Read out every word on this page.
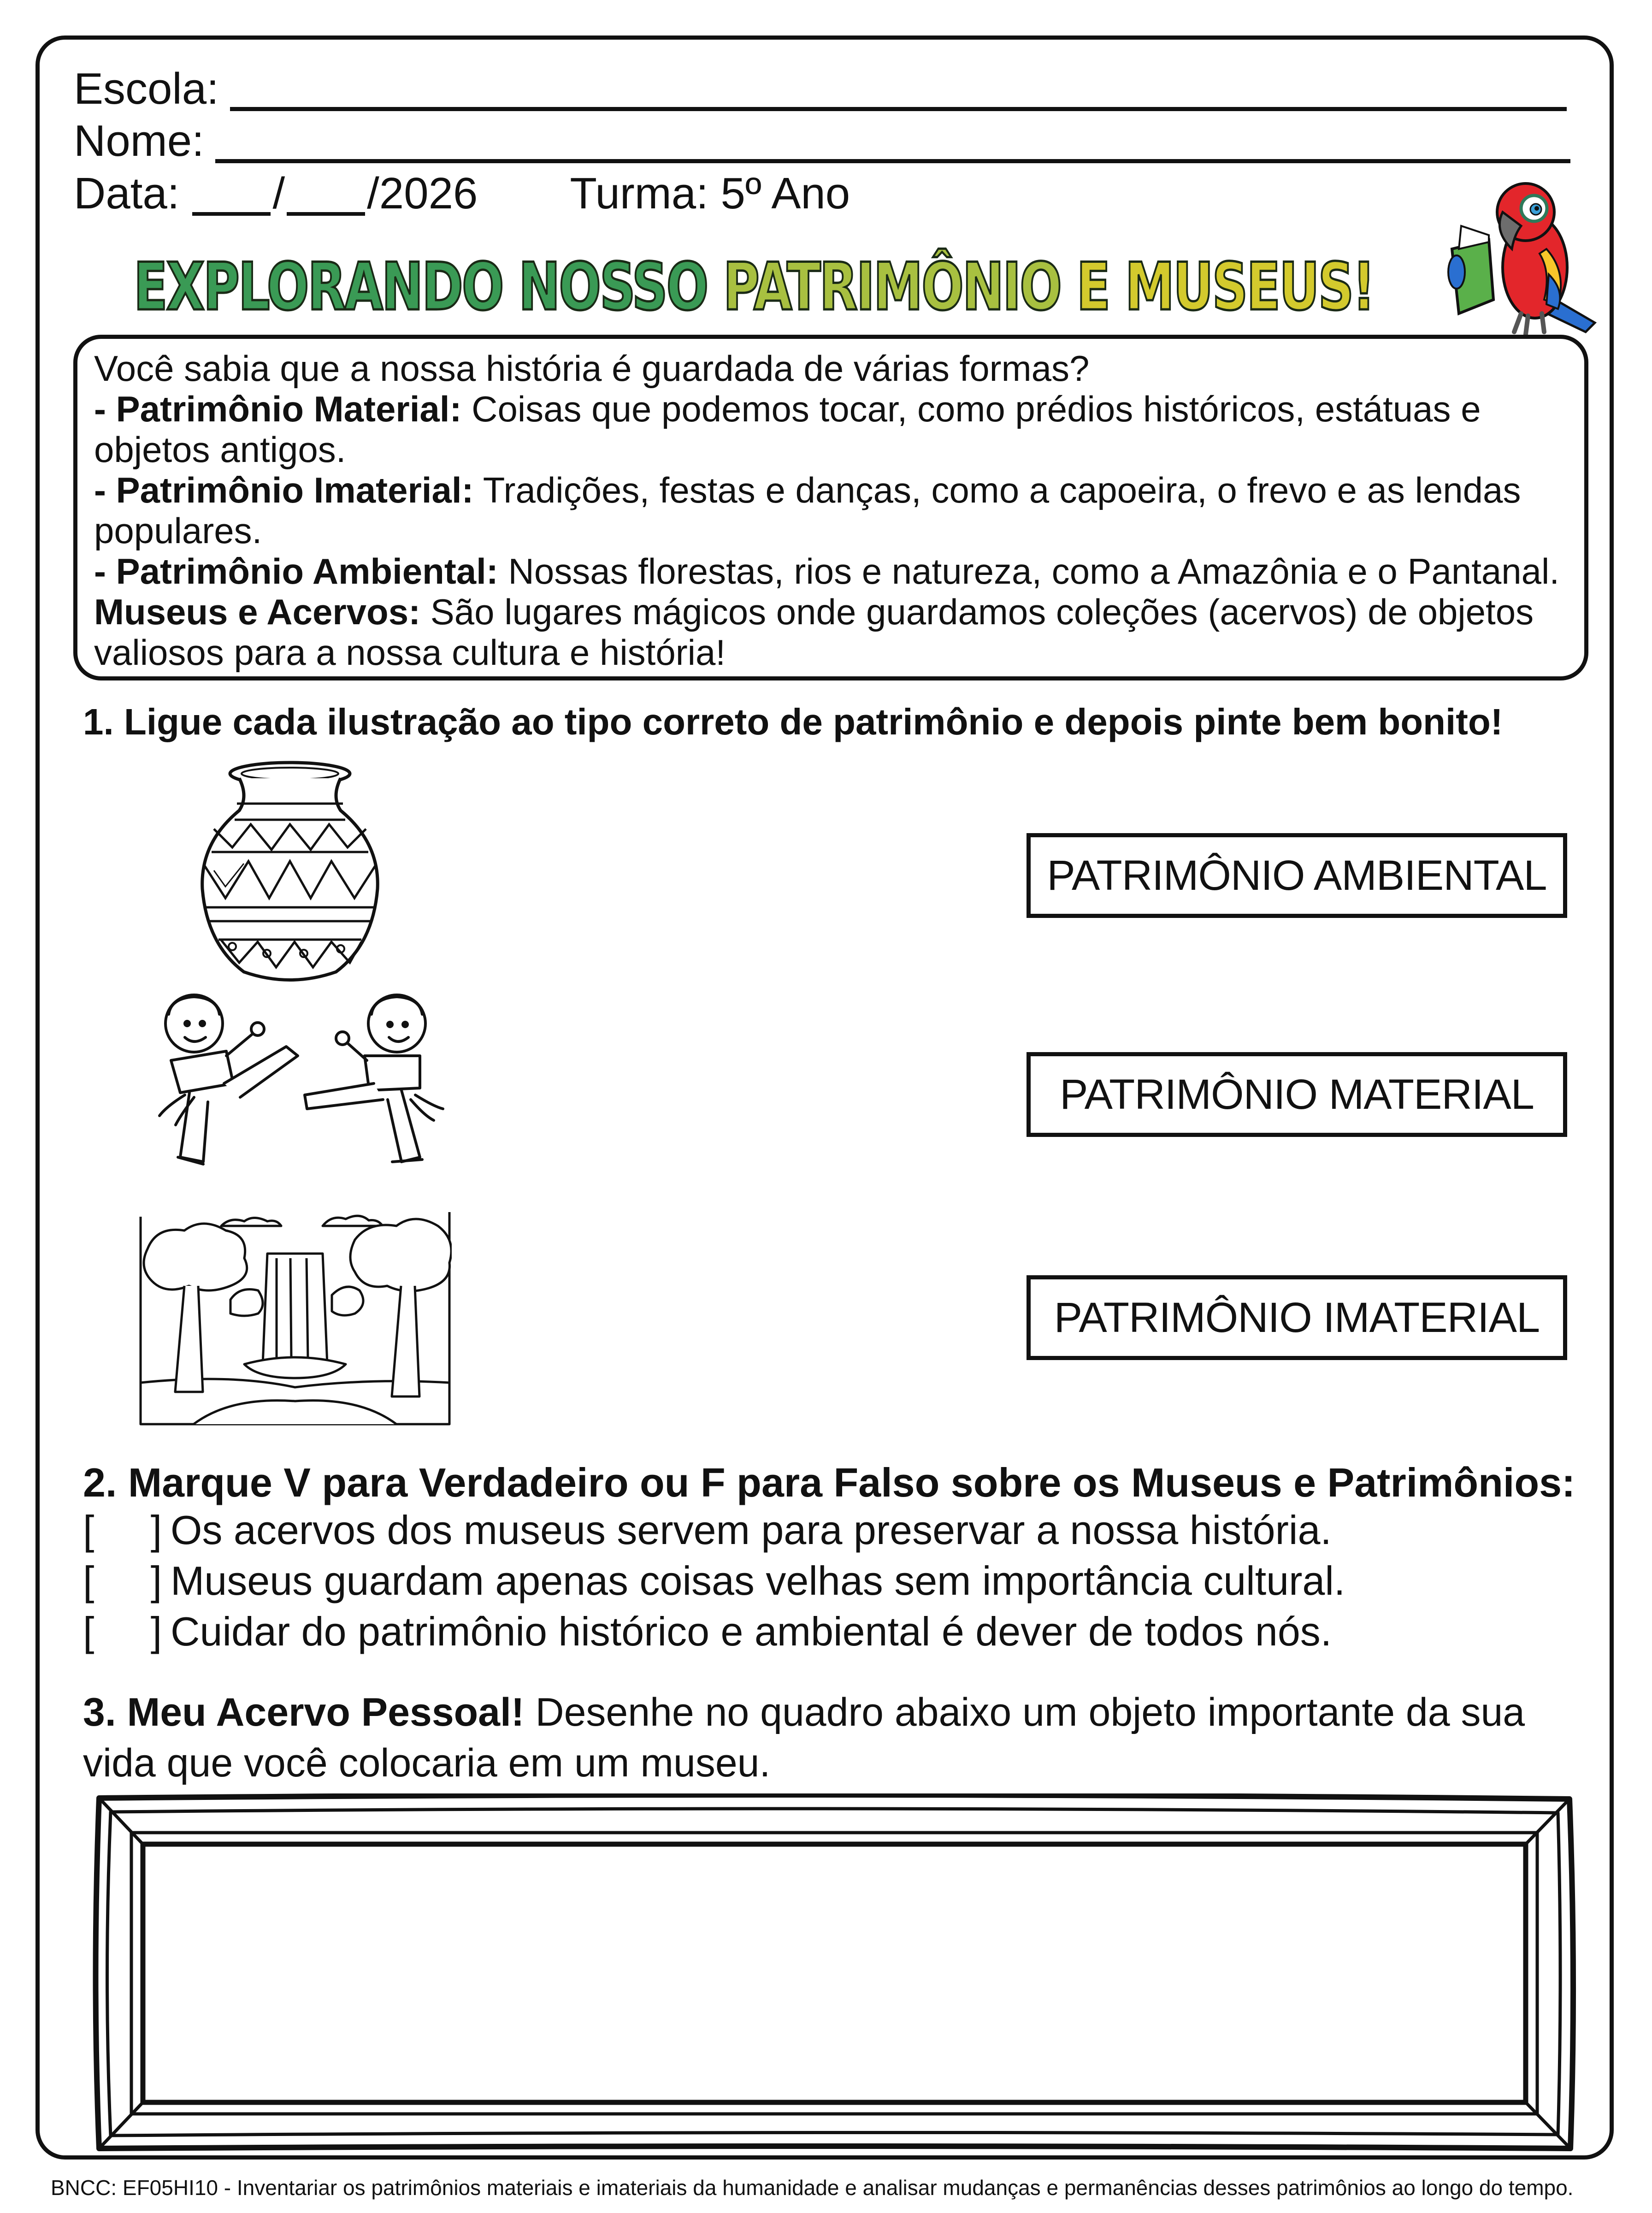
Escola:
Nome:
Data: / /2026 Turma: 5º Ano
EXPLORANDO NOSSO PATRIMÔNIO E MUSEUS!

Você sabia que a nossa história é guardada de várias formas?

- Patrimônio Material: Coisas que podemos tocar, como prédios históricos, estátuas e objetos antigos.

- Patrimônio Imaterial: Tradições, festas e danças, como a capoeira, o frevo e as lendas populares.

- Patrimônio Ambiental: Nossas florestas, rios e natureza, como a Amazônia e o Pantanal.

Museus e Acervos: São lugares mágicos onde guardamos coleções (acervos) de objetos valiosos para a nossa cultura e história!

1. Ligue cada ilustração ao tipo correto de patrimônio e depois pinte bem bonito!
PATRIMÔNIO AMBIENTAL
PATRIMÔNIO MATERIAL
PATRIMÔNIO IMATERIAL
2. Marque V para Verdadeiro ou F para Falso sobre os Museus e Patrimônios:
[     ] Os acervos dos museus servem para preservar a nossa história.
[     ] Museus guardam apenas coisas velhas sem importância cultural.
[     ] Cuidar do patrimônio histórico e ambiental é dever de todos nós.
3. Meu Acervo Pessoal! Desenhe no quadro abaixo um objeto importante da sua
vida que você colocaria em um museu.
BNCC: EF05HI10 - Inventariar os patrimônios materiais e imateriais da humanidade e analisar mudanças e permanências desses patrimônios ao longo do tempo.
